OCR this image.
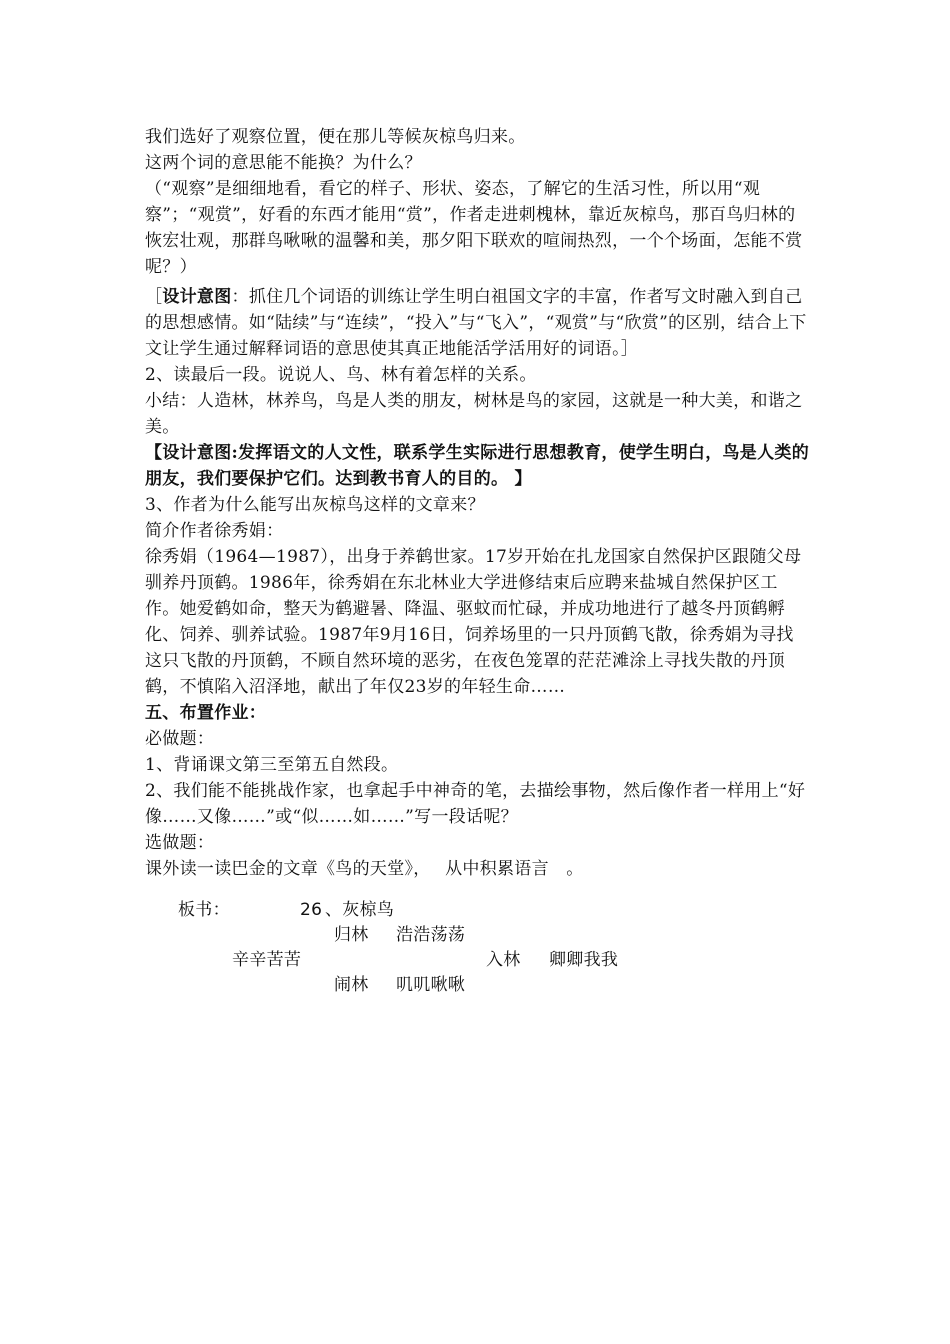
我们选好了观察位置，便在那儿等候灰椋鸟归来。

这两个词的意思能不能换？为什么？

（“观察”是细细地看，看它的样子、形状、姿态，了解它的生活习性，所以用“观察”；“观赏”，好看的东西才能用“赏”，作者走进刺槐林，靠近灰椋鸟，那百鸟归林的恢宏壮观，那群鸟啾啾的温馨和美，那夕阳下联欢的喧闹热烈，一个个场面，怎能不赏呢？）

［设计意图：抓住几个词语的训练让学生明白祖国文字的丰富，作者写文时融入到自己的思想感情。如“陆续”与“连续”，“投入”与“飞入”，“观赏”与“欣赏”的区别，结合上下文让学生通过解释词语的意思使其真正地能活学活用好的词语。］

2、读最后一段。说说人、鸟、林有着怎样的关系。

小结：人造林，林养鸟，鸟是人类的朋友，树林是鸟的家园，这就是一种大美，和谐之美。

【设计意图:发挥语文的人文性，联系学生实际进行思想教育，使学生明白，鸟是人类的朋友，我们要保护它们。达到教书育人的目的。 】

3、作者为什么能写出灰椋鸟这样的文章来？

简介作者徐秀娟：

徐秀娟（1964—1987），出身于养鹤世家。17岁开始在扎龙国家自然保护区跟随父母驯养丹顶鹤。1986年，徐秀娟在东北林业大学进修结束后应聘来盐城自然保护区工作。她爱鹤如命，整天为鹤避暑、降温、驱蚊而忙碌，并成功地进行了越冬丹顶鹤孵化、饲养、驯养试验。1987年9月16日，饲养场里的一只丹顶鹤飞散，徐秀娟为寻找这只飞散的丹顶鹤，不顾自然环境的恶劣，在夜色笼罩的茫茫滩涂上寻找失散的丹顶鹤，不慎陷入沼泽地，献出了年仅23岁的年轻生命……

五、布置作业：

必做题：

1、背诵课文第三至第五自然段。

2、我们能不能挑战作家，也拿起手中神奇的笔，去描绘事物，然后像作者一样用上“好像……又像……”或“似……如……”写一段话呢？

选做题：

课外读一读巴金的文章《鸟的天堂》，　 从中积累语言　。

板书：	26 、灰椋鸟
归林 浩浩荡荡
辛辛苦苦	入林 卿卿我我
闹林 叽叽啾啾
